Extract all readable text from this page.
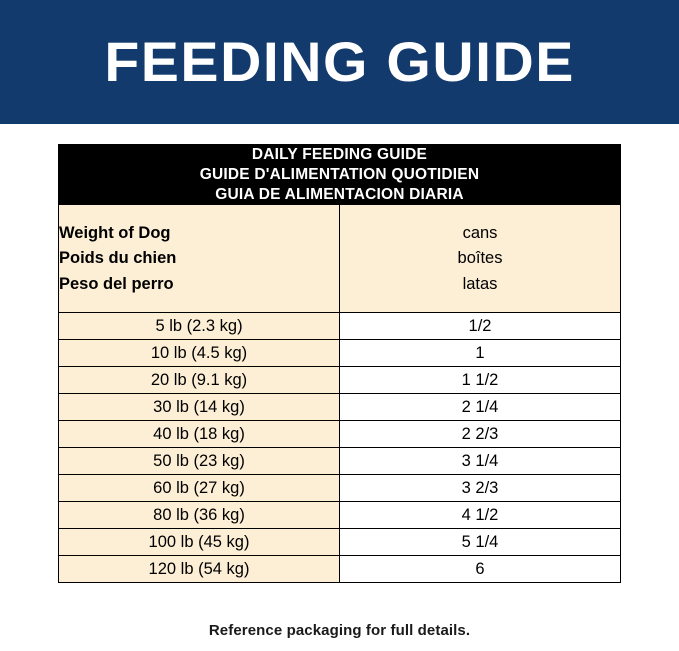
FEEDING GUIDE
DAILY FEEDING GUIDE
GUIDE D'ALIMENTATION QUOTIDIEN
GUIA DE ALIMENTACION DIARIA	

Weight of Dog
Poids du chien
Peso del perro

cans
boîtes
latas

5 lb (2.3 kg)	1/2
10 lb (4.5 kg)	1
20 lb (9.1 kg)	1 1/2
30 lb (14 kg)	2 1/4
40 lb (18 kg)	2 2/3
50 lb (23 kg)	3 1/4
60 lb (27 kg)	3 2/3
80 lb (36 kg)	4 1/2
100 lb (45 kg)	5 1/4
120 lb (54 kg)	6
Reference packaging for full details.
